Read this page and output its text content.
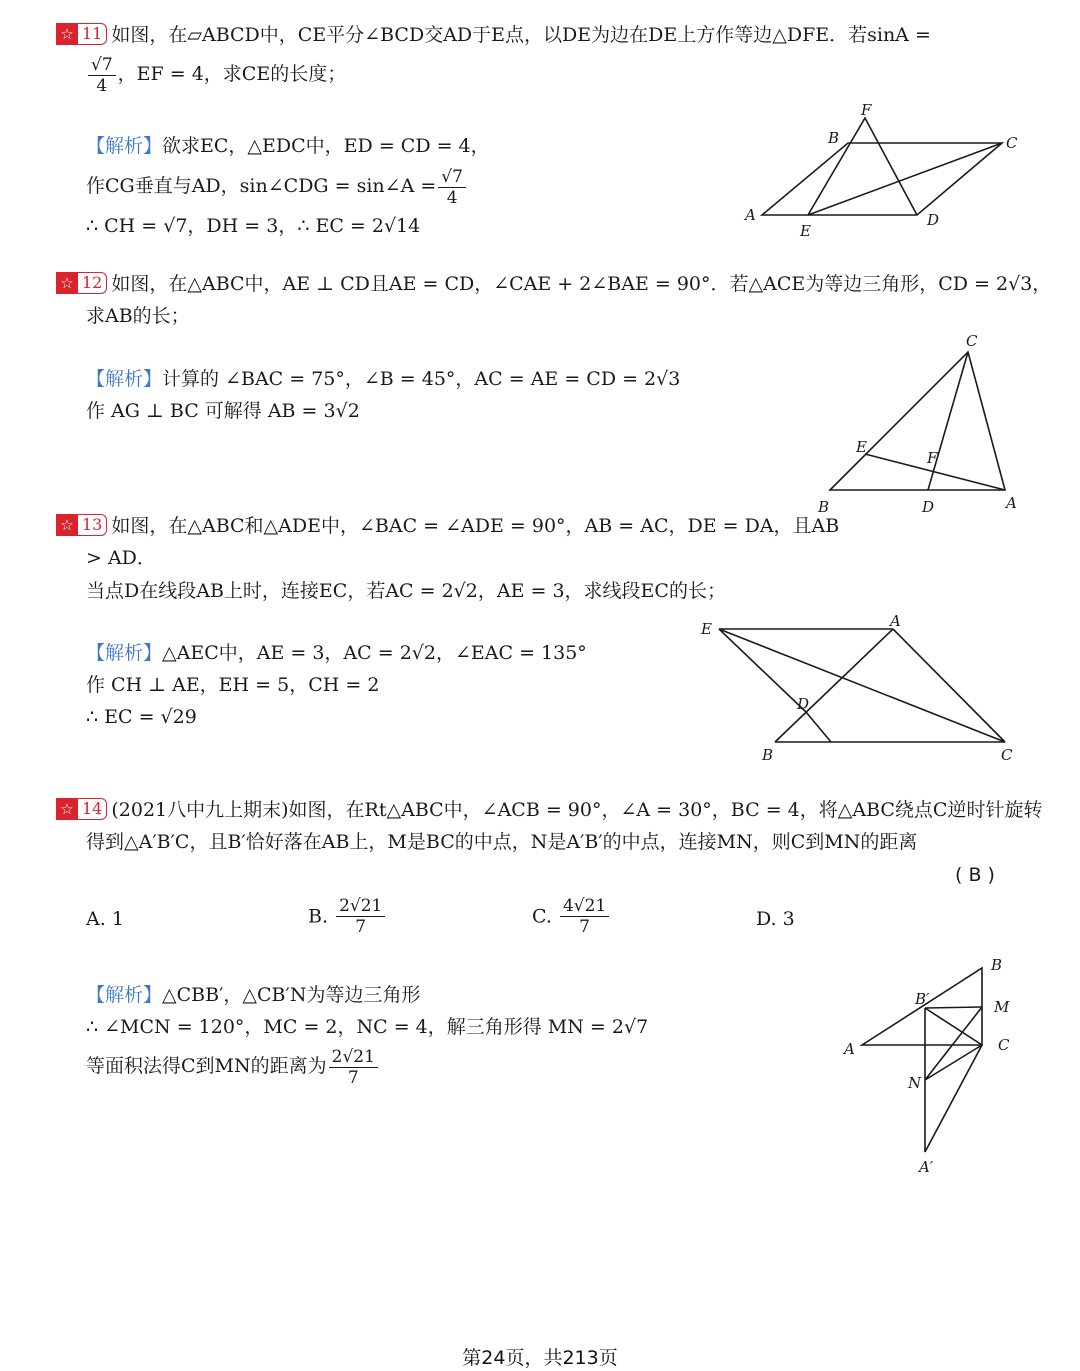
☆ 11 如图，在▱ABCD中，CE平分∠BCD交AD于E点，以DE为边在DE上方作等边△DFE．若sinA =
$\frac{√7}{4}$ ，EF = 4，求CE的长度；
【解析】欲求EC，△EDC中，ED = CD = 4，
作CG垂直与AD，sin∠CDG = sin∠A = $\frac{√7}{4}$
∴ CH = √7，DH = 3，∴ EC = 2√14
F
B	C
A	D
E
☆ 12 如图，在△ABC中，AE ⊥ CD且AE = CD，∠CAE + 2∠BAE = 90°．若△ACE为等边三角形，CD = 2√3，
求AB的长；
【解析】计算的 ∠BAC = 75°，∠B = 45°，AC = AE = CD = 2√3
作 AG ⊥ BC 可解得 AB = 3√2
C
E
F
B	D	A
☆ 13 如图，在△ABC和△ADE中，∠BAC = ∠ADE = 90°，AB = AC，DE = DA，且AB
> AD．
当点D在线段AB上时，连接EC，若AC = 2√2，AE = 3，求线段EC的长；
【解析】△AEC中，AE = 3，AC = 2√2，∠EAC = 135°
作 CH ⊥ AE，EH = 5，CH = 2
∴ EC = √29
E	A
D
B	C
☆ 14 (2021八中九上期末)如图，在Rt△ABC中，∠ACB = 90°，∠A = 30°，BC = 4，将△ABC绕点C逆时针旋转
得到△A′B′C，且B′恰好落在AB上，M是BC的中点，N是A′B′的中点，连接MN，则C到MN的距离
( B )
A. 1	B. $\frac{2√21}{7}$	C. $\frac{4√21}{7}$	D. 3
【解析】△CBB′，△CB′N为等边三角形
∴ ∠MCN = 120°，MC = 2，NC = 4，解三角形得 MN = 2√7
等面积法得C到MN的距离为 $\frac{2√21}{7}$
B
B′	M
A	C
N
A′
第24页，共213页
